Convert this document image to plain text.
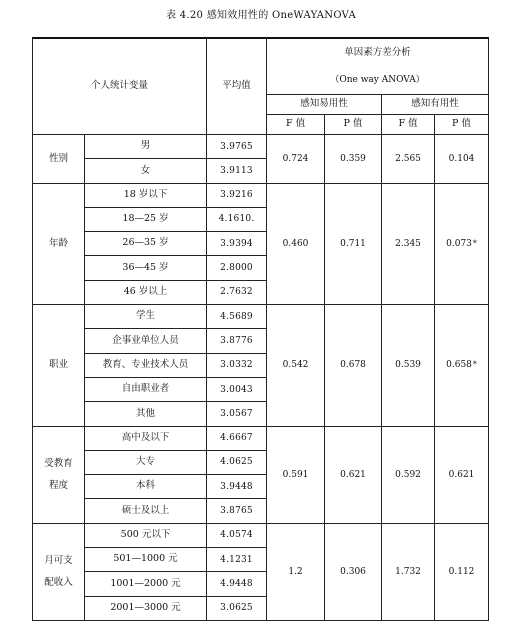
表 4.20 感知效用性的 OneWAYANOVA
个人统计变量		平均值	单因素方差分析
（One way ANOVA）			

			感知易用性		感知有用性	
			F 值	P 值	F 值	P 值
性别	男	3.9765	0.724	0.359	2.565	0.104
	女	3.9113				
年龄	18 岁以下	3.9216	0.460	0.711	2.345	0.073*
	18—25 岁	4.1610.				
	26—35 岁	3.9394				
	36—45 岁	2.8000				
	46 岁以上	2.7632				
职业	学生	4.5689	0.542	0.678	0.539	0.658*
	企事业单位人员	3.8776				
	教育、专业技术人员	3.0332				
	自由职业者	3.0043				
	其他	3.0567				
受教育
程度	高中及以下	4.6667	0.591	0.621	0.592	0.621
	大专	4.0625				
	本科	3.9448				
	硕士及以上	3.8765				
月可支
配收入	500 元以下	4.0574	1.2	0.306	1.732	0.112
	501—1000 元	4.1231				
	1001—2000 元	4.9448				
	2001—3000 元	3.0625				
